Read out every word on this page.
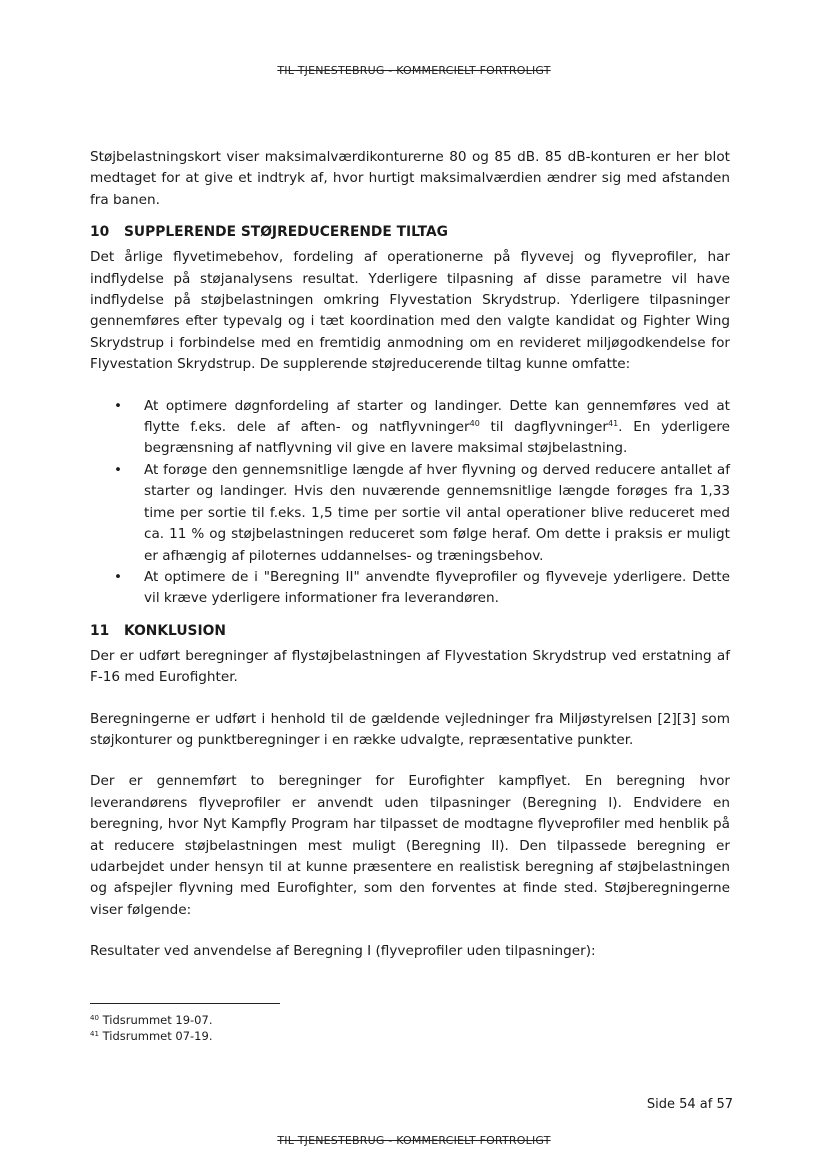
TIL TJENESTEBRUG - KOMMERCIELT FORTROLIGT

Støjbelastningskort viser maksimalværdikonturerne 80 og 85 dB. 85 dB-konturen er her blot medtaget for at give et indtryk af, hvor hurtigt maksimalværdien ændrer sig med afstanden fra banen.

10	SUPPLERENDE STØJREDUCERENDE TILTAG

Det årlige flyvetimebehov, fordeling af operationerne på flyvevej og flyveprofiler, har indflydelse på støjanalysens resultat. Yderligere tilpasning af disse parametre vil have indflydelse på støjbelastningen omkring Flyvestation Skrydstrup. Yderligere tilpasninger gennemføres efter typevalg og i tæt koordination med den valgte kandidat og Fighter Wing Skrydstrup i forbindelse med en fremtidig anmodning om en revideret miljøgodkendelse for Flyvestation Skrydstrup. De supplerende støjreducerende tiltag kunne omfatte:

• At optimere døgnfordeling af starter og landinger. Dette kan gennemføres ved at flytte f.eks. dele af aften- og natflyvninger$^{40}$ til dagflyvninger$^{41}$. En yderligere begrænsning af natflyvning vil give en lavere maksimal støjbelastning.
• At forøge den gennemsnitlige længde af hver flyvning og derved reducere antallet af starter og landinger. Hvis den nuværende gennemsnitlige længde forøges fra 1,33 time per sortie til f.eks. 1,5 time per sortie vil antal operationer blive reduceret med ca. 11 % og støjbelastningen reduceret som følge heraf. Om dette i praksis er muligt er afhængig af piloternes uddannelses- og træningsbehov.
• At optimere de i "Beregning II" anvendte flyveprofiler og flyveveje yderligere. Dette vil kræve yderligere informationer fra leverandøren.
11	KONKLUSION

Der er udført beregninger af flystøjbelastningen af Flyvestation Skrydstrup ved erstatning af F-16 med Eurofighter.

Beregningerne er udført i henhold til de gældende vejledninger fra Miljøstyrelsen [2][3] som støjkonturer og punktberegninger i en række udvalgte, repræsentative punkter.

Der er gennemført to beregninger for Eurofighter kampflyet. En beregning hvor leverandørens flyveprofiler er anvendt uden tilpasninger (Beregning I). Endvidere en beregning, hvor Nyt Kampfly Program har tilpasset de modtagne flyveprofiler med henblik på at reducere støjbelastningen mest muligt (Beregning II). Den tilpassede beregning er udarbejdet under hensyn til at kunne præsentere en realistisk beregning af støjbelastningen og afspejler flyvning med Eurofighter, som den forventes at finde sted. Støjberegningerne viser følgende:

Resultater ved anvendelse af Beregning I (flyveprofiler uden tilpasninger):

$^{40}$ Tidsrummet 19-07.
$^{41}$ Tidsrummet 07-19.
Side 54 af 57
TIL TJENESTEBRUG - KOMMERCIELT FORTROLIGT
